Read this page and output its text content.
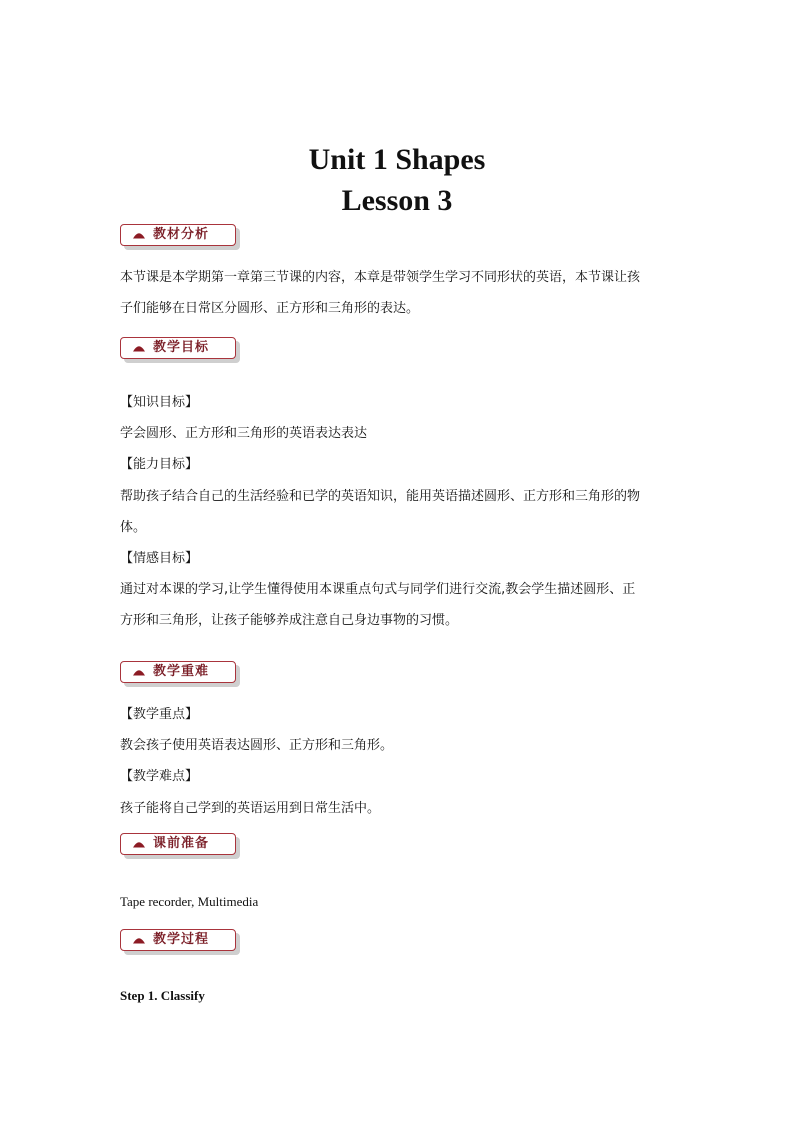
Unit 1 Shapes
Lesson 3
教材分析
本节课是本学期第一章第三节课的内容，本章是带领学生学习不同形状的英语，本节课让孩
子们能够在日常区分圆形、正方形和三角形的表达。
教学目标
【知识目标】
学会圆形、正方形和三角形的英语表达表达
【能力目标】
帮助孩子结合自己的生活经验和已学的英语知识，能用英语描述圆形、正方形和三角形的物
体。
【情感目标】
通过对本课的学习,让学生懂得使用本课重点句式与同学们进行交流,教会学生描述圆形、正
方形和三角形，让孩子能够养成注意自己身边事物的习惯。
教学重难
【教学重点】
教会孩子使用英语表达圆形、正方形和三角形。
【教学难点】
孩子能将自己学到的英语运用到日常生活中。
课前准备
Tape recorder, Multimedia
教学过程
Step 1. Classify
